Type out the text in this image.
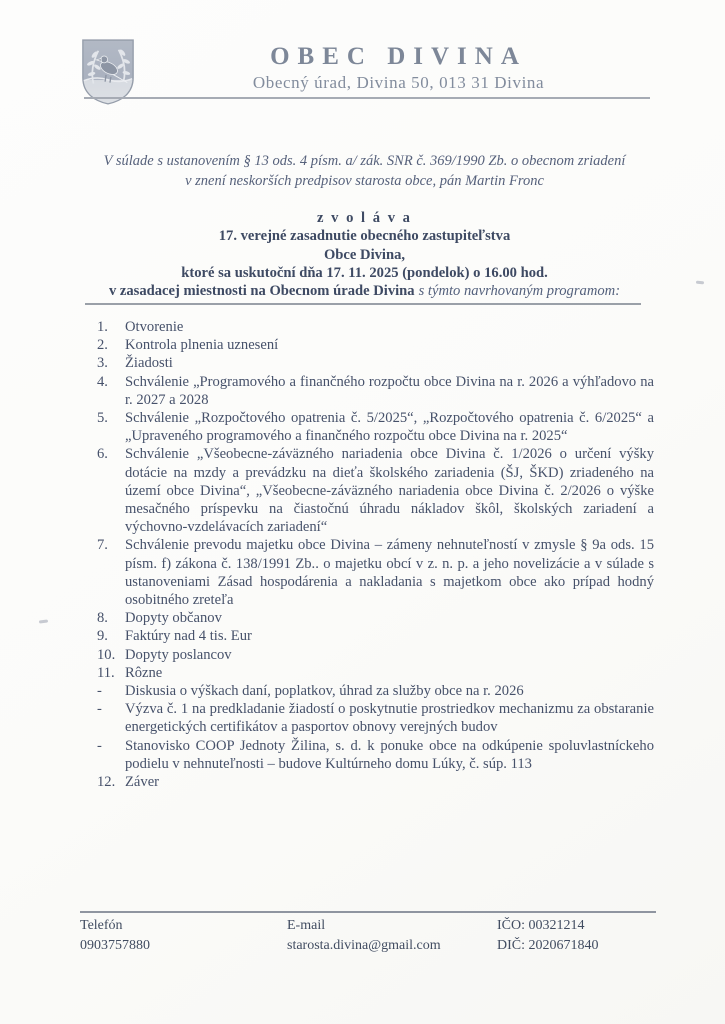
OBEC DIVINA
Obecný úrad, Divina 50, 013 31 Divina
V súlade s ustanovením § 13 ods. 4 písm. a/ zák. SNR č. 369/1990 Zb. o obecnom zriadení
v znení neskorších predpisov starosta obce, pán Martin Fronc
z v o l á v a
17. verejné zasadnutie obecného zastupiteľstva
Obce Divina,
ktoré sa uskutoční dňa 17. 11. 2025 (pondelok) o 16.00 hod.
v zasadacej miestnosti na Obecnom úrade Divina s týmto navrhovaným programom:
1.	Otvorenie
2.	Kontrola plnenia uznesení
3.	Žiadosti
4.	Schválenie „Programového a finančného rozpočtu obce Divina na r. 2026 a výhľadovo na r. 2027 a 2028
5.	Schválenie „Rozpočtového opatrenia č. 5/2025“, „Rozpočtového opatrenia č. 6/2025“ a „Upraveného programového a finančného rozpočtu obce Divina na r. 2025“
6.	Schválenie „Všeobecne-záväzného nariadenia obce Divina č. 1/2026 o určení výšky dotácie na mzdy a prevádzku na dieťa školského zariadenia (ŠJ, ŠKD) zriadeného na území obce Divina“, „Všeobecne-záväzného nariadenia obce Divina č. 2/2026 o výške mesačného príspevku na čiastočnú úhradu nákladov škôl, školských zariadení a výchovno-vzdelávacích zariadení“
7.	Schválenie prevodu majetku obce Divina – zámeny nehnuteľností v zmysle § 9a ods. 15 písm. f) zákona č. 138/1991 Zb.. o majetku obcí v z. n. p. a jeho novelizácie a v súlade s ustanoveniami Zásad hospodárenia a nakladania s majetkom obce ako prípad hodný osobitného zreteľa
8.	Dopyty občanov
9.	Faktúry nad 4 tis. Eur
10. Dopyty poslancov
11. Rôzne
-	Diskusia o výškach daní, poplatkov, úhrad za služby obce na r. 2026
-	Výzva č. 1 na predkladanie žiadostí o poskytnutie prostriedkov mechanizmu za obstaranie energetických certifikátov a pasportov obnovy verejných budov
-	Stanovisko COOP Jednoty Žilina, s. d. k ponuke obce na odkúpenie spoluvlastníckeho podielu v nehnuteľnosti – budove Kultúrneho domu Lúky, č. súp. 113
12. Záver
Telefón
0903757880
E-mail
starosta.divina@gmail.com
IČO: 00321214
DIČ: 2020671840
